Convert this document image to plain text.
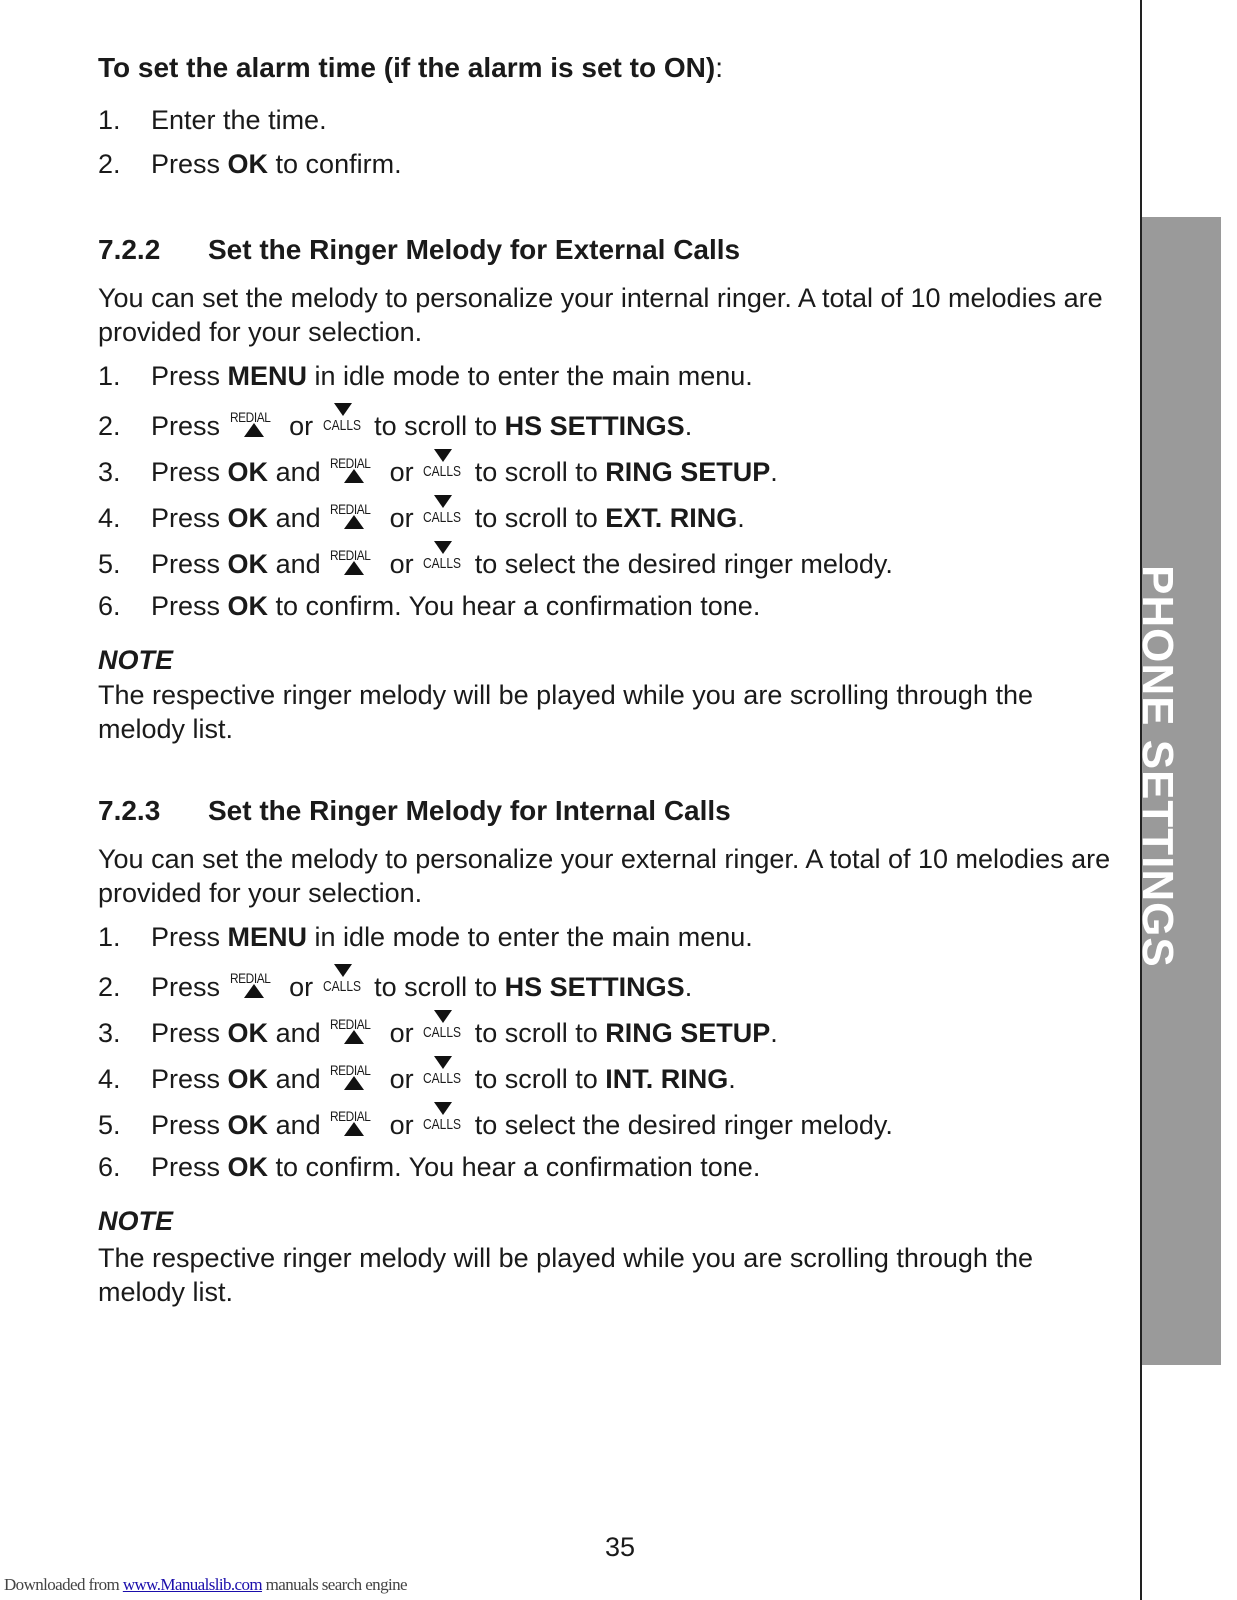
To set the alarm time (if the alarm is set to ON):
1. Enter the time.
2. Press OK to confirm.
7.2.2 Set the Ringer Melody for External Calls
You can set the melody to personalize your internal ringer. A total of 10 melodies are provided for your selection.
1. Press MENU in idle mode to enter the main menu.
2. Press REDIAL or CALLS to scroll to HS SETTINGS.
3. Press OK and REDIAL or CALLS to scroll to RING SETUP.
4. Press OK and REDIAL or CALLS to scroll to EXT. RING.
5. Press OK and REDIAL or CALLS to select the desired ringer melody.
6. Press OK to confirm. You hear a confirmation tone.
NOTE
The respective ringer melody will be played while you are scrolling through the melody list.
7.2.3 Set the Ringer Melody for Internal Calls
You can set the melody to personalize your external ringer. A total of 10 melodies are provided for your selection.
1. Press MENU in idle mode to enter the main menu.
2. Press REDIAL or CALLS to scroll to HS SETTINGS.
3. Press OK and REDIAL or CALLS to scroll to RING SETUP.
4. Press OK and REDIAL or CALLS to scroll to INT. RING.
5. Press OK and REDIAL or CALLS to select the desired ringer melody.
6. Press OK to confirm. You hear a confirmation tone.
NOTE
The respective ringer melody will be played while you are scrolling through the melody list.
PHONE SETTINGS
35
Downloaded from www.Manualslib.com manuals search engine
